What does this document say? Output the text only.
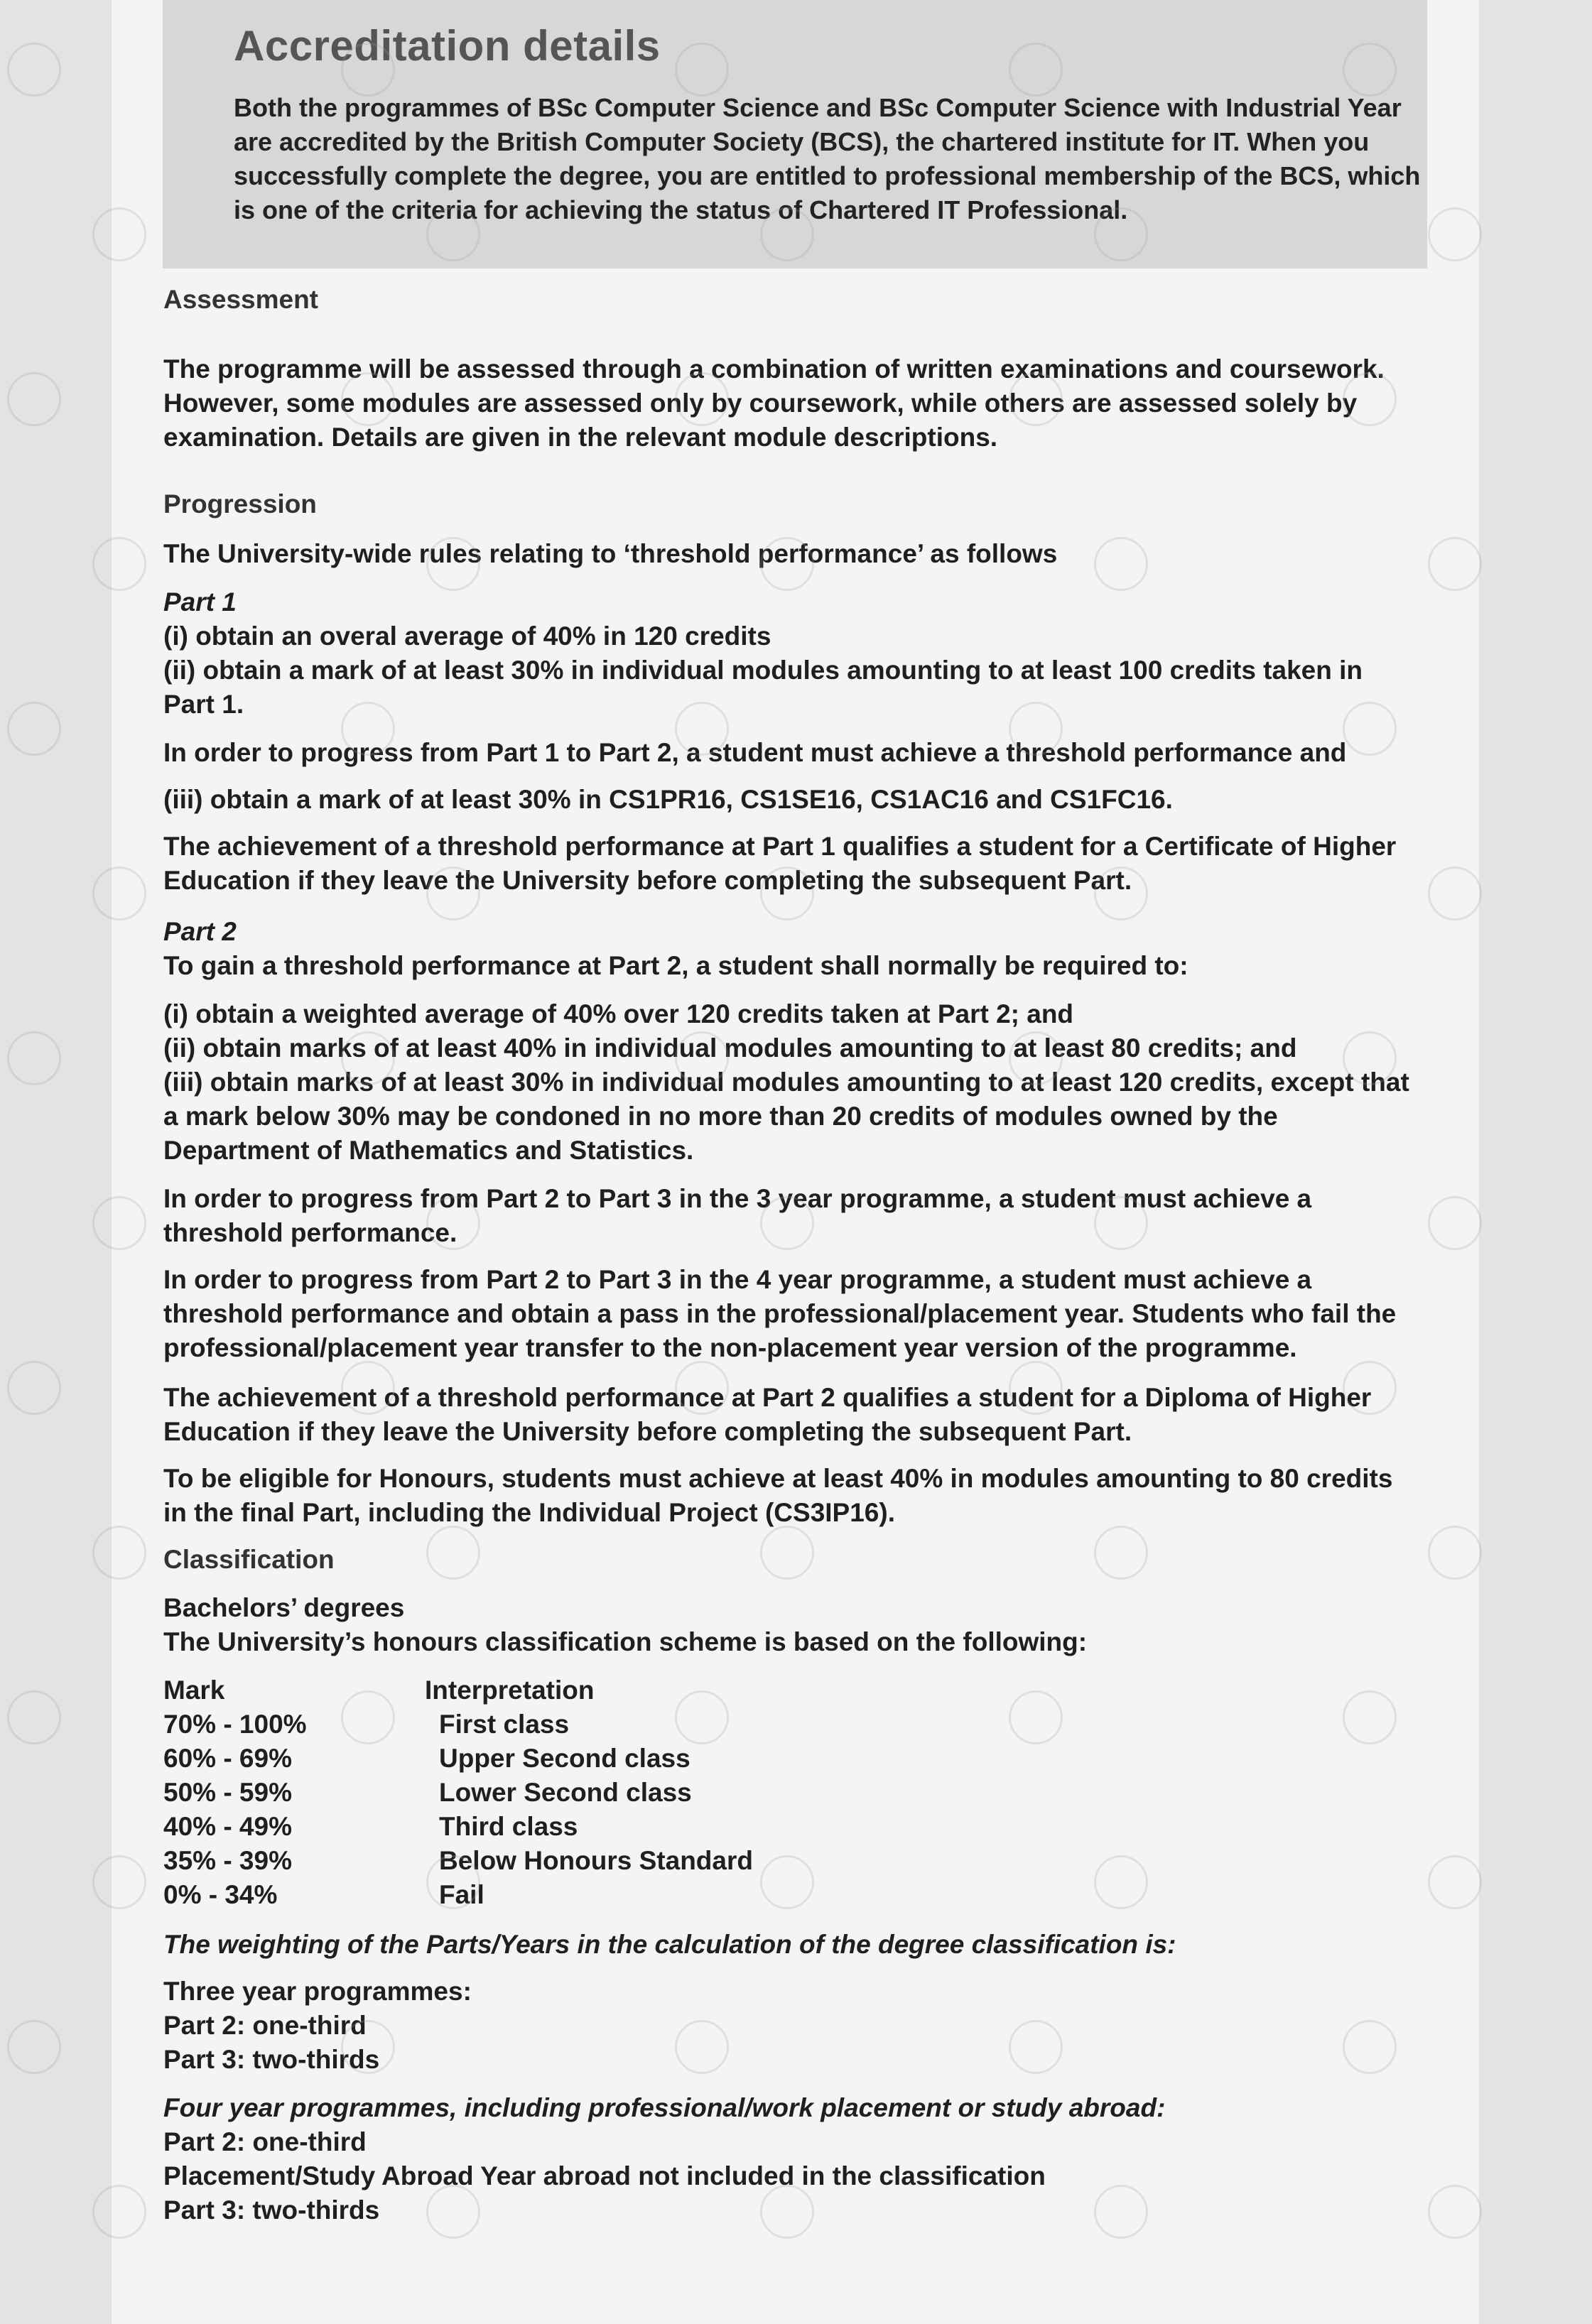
Accreditation details
Both the programmes of BSc Computer Science and BSc Computer Science with Industrial Year are accredited by the British Computer Society (BCS), the chartered institute for IT. When you successfully complete the degree, you are entitled to professional membership of the BCS, which is one of the criteria for achieving the status of Chartered IT Professional.
Assessment
The programme will be assessed through a combination of written examinations and coursework. However, some modules are assessed only by coursework, while others are assessed solely by examination. Details are given in the relevant module descriptions.
Progression
The University-wide rules relating to ‘threshold performance’ as follows
Part 1
(i) obtain an overal average of 40% in 120 credits
(ii) obtain a mark of at least 30% in individual modules amounting to at least 100 credits taken in Part 1.
In order to progress from Part 1 to Part 2, a student must achieve a threshold performance and
(iii) obtain a mark of at least 30% in CS1PR16, CS1SE16, CS1AC16 and CS1FC16.
The achievement of a threshold performance at Part 1 qualifies a student for a Certificate of Higher Education if they leave the University before completing the subsequent Part.
Part 2
To gain a threshold performance at Part 2, a student shall normally be required to:
(i) obtain a weighted average of 40% over 120 credits taken at Part 2; and
(ii) obtain marks of at least 40% in individual modules amounting to at least 80 credits; and
(iii) obtain marks of at least 30% in individual modules amounting to at least 120 credits, except that a mark below 30% may be condoned in no more than 20 credits of modules owned by the Department of Mathematics and Statistics.
In order to progress from Part 2 to Part 3 in the 3 year programme, a student must achieve a threshold performance.
In order to progress from Part 2 to Part 3 in the 4 year programme, a student must achieve a threshold performance and obtain a pass in the professional/placement year. Students who fail the professional/placement year transfer to the non-placement year version of the programme.
The achievement of a threshold performance at Part 2 qualifies a student for a Diploma of Higher Education if they leave the University before completing the subsequent Part.
To be eligible for Honours, students must achieve at least 40% in modules amounting to 80 credits in the final Part, including the Individual Project (CS3IP16).
Classification
Bachelors’ degrees
The University’s honours classification scheme is based on the following:
Mark	Interpretation
70% - 100%	First class
60% - 69%	Upper Second class
50% - 59%	Lower Second class
40% - 49%	Third class
35% - 39%	Below Honours Standard
0% - 34%	Fail
The weighting of the Parts/Years in the calculation of the degree classification is:
Three year programmes:
Part 2: one-third
Part 3: two-thirds
Four year programmes, including professional/work placement or study abroad:
Part 2: one-third
Placement/Study Abroad Year abroad not included in the classification
Part 3: two-thirds
